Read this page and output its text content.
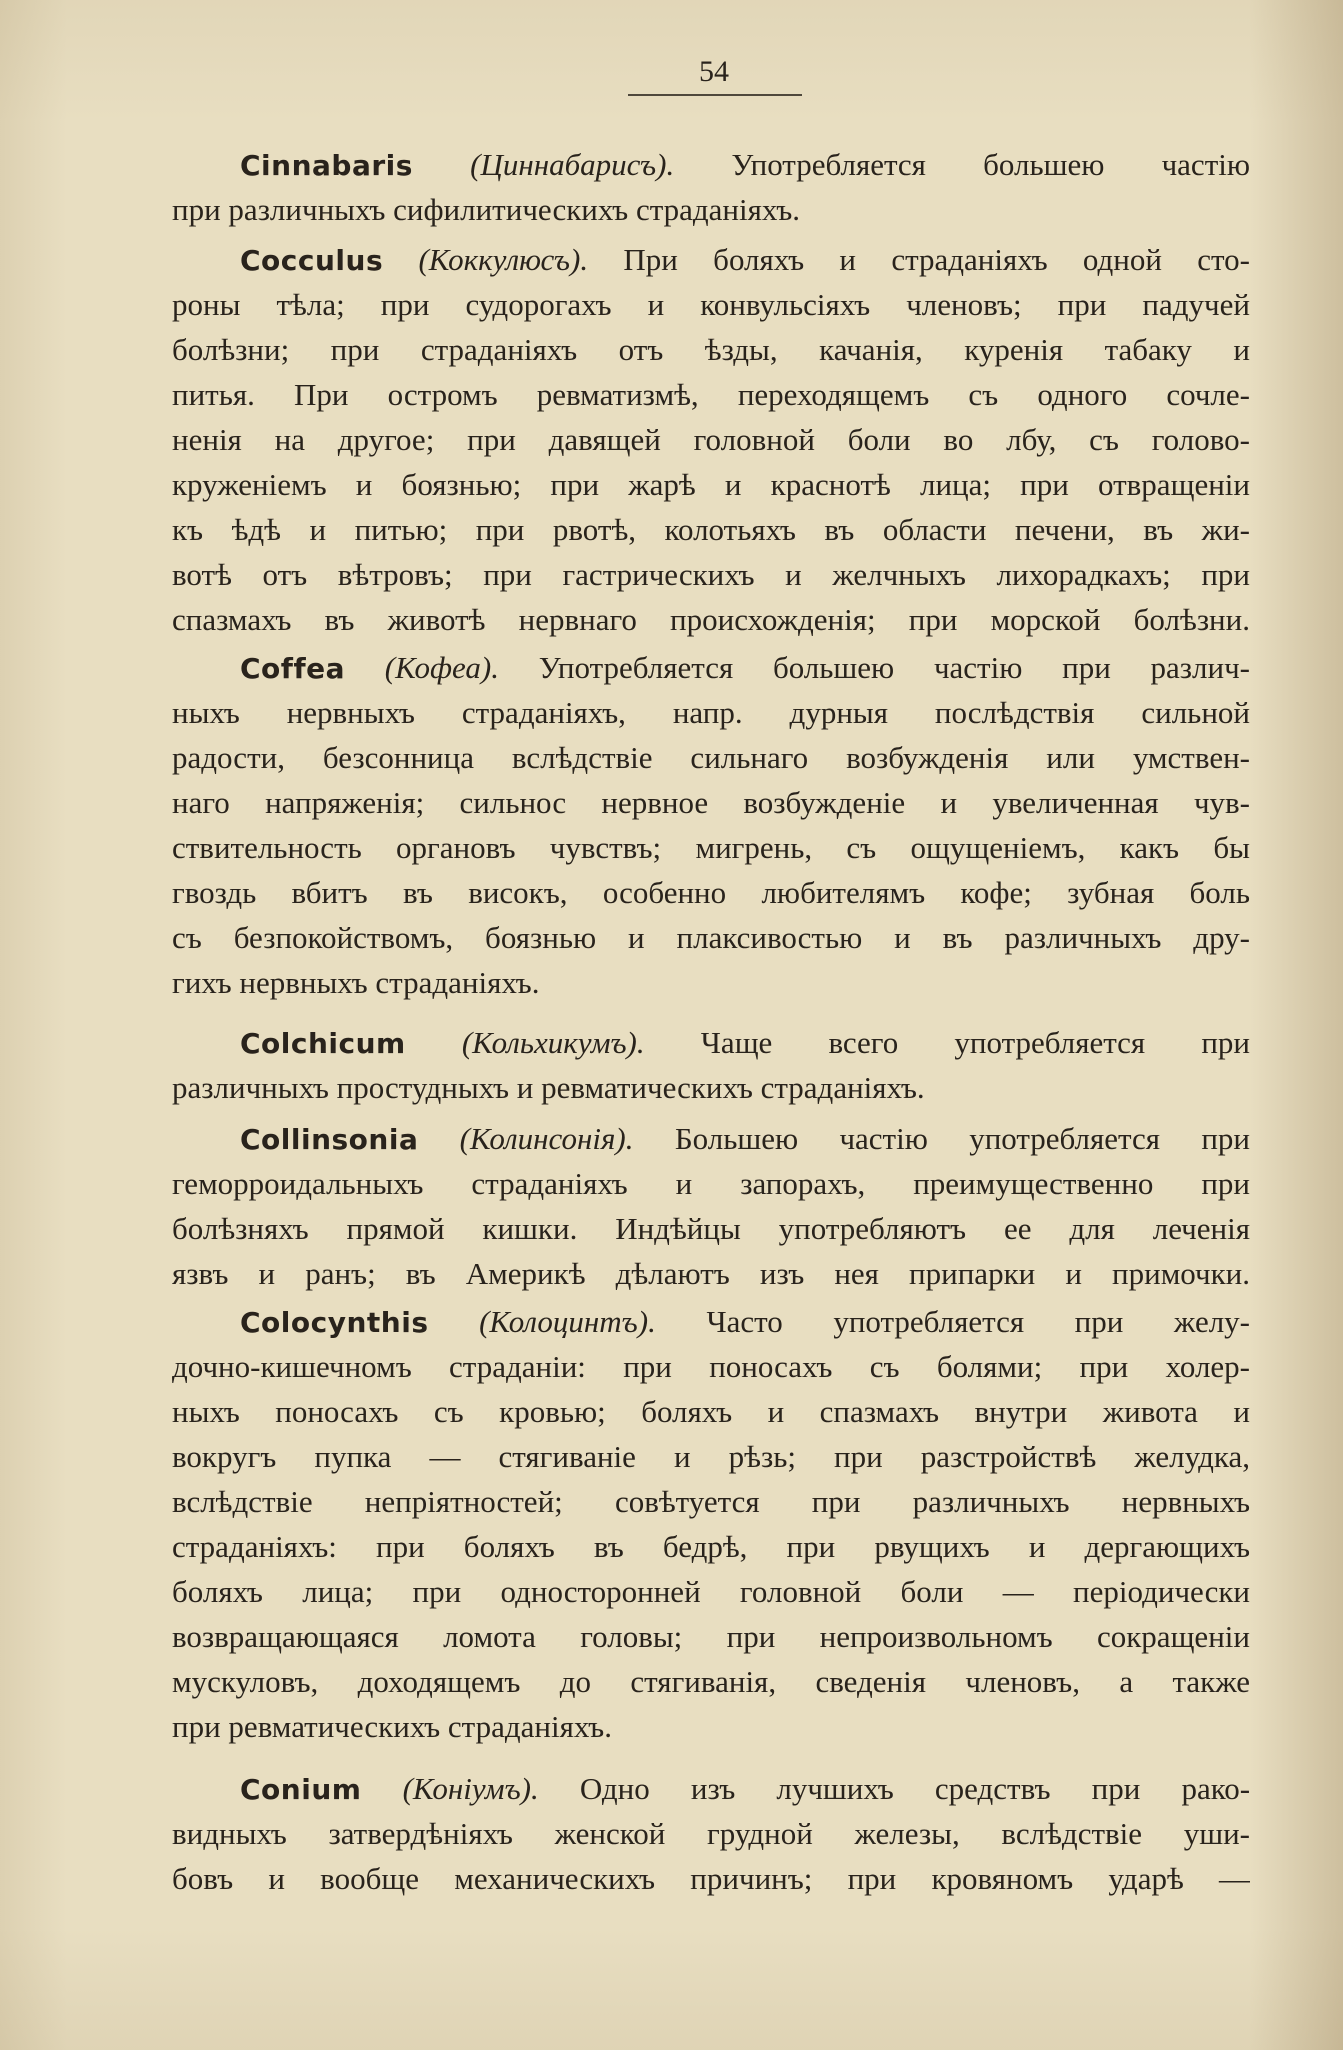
54
Cinnabaris (Циннабарисъ). Употребляется большею частію
при различныхъ сифилитическихъ страданіяхъ.
Cocculus (Коккулюсъ). При боляхъ и страданіяхъ одной сто-
роны тѣла; при судорогахъ и конвульсіяхъ членовъ; при падучей
болѣзни; при страданіяхъ отъ ѣзды, качанія, куренія табаку и
питья. При остромъ ревматизмѣ, переходящемъ съ одного сочле-
ненія на другое; при давящей головной боли во лбу, съ голово-
круженіемъ и боязнью; при жарѣ и краснотѣ лица; при отвращеніи
къ ѣдѣ и питью; при рвотѣ, колотьяхъ въ области печени, въ жи-
вотѣ отъ вѣтровъ; при гастрическихъ и желчныхъ лихорадкахъ; при
спазмахъ въ животѣ нервнаго происхожденія; при морской болѣзни.
Coffea (Кофеа). Употребляется большею частію при различ-
ныхъ нервныхъ страданіяхъ, напр. дурныя послѣдствія сильной
радости, безсонница вслѣдствіе сильнаго возбужденія или умствен-
наго напряженія; сильнос нервное возбужденіе и увеличенная чув-
ствительность органовъ чувствъ; мигрень, съ ощущеніемъ, какъ бы
гвоздь вбитъ въ високъ, особенно любителямъ кофе; зубная боль
съ безпокойствомъ, боязнью и плаксивостью и въ различныхъ дру-
гихъ нервныхъ страданіяхъ.
Colchicum (Кольхикумъ). Чаще всего употребляется при
различныхъ простудныхъ и ревматическихъ страданіяхъ.
Collinsonia (Колинсонія). Большею частію употребляется при
геморроидальныхъ страданіяхъ и запорахъ, преимущественно при
болѣзняхъ прямой кишки. Индѣйцы употребляютъ ее для леченія
язвъ и ранъ; въ Америкѣ дѣлаютъ изъ нея припарки и примочки.
Colocynthis (Колоцинтъ). Часто употребляется при желу-
дочно-кишечномъ страданіи: при поносахъ съ болями; при холер-
ныхъ поносахъ съ кровью; боляхъ и спазмахъ внутри живота и
вокругъ пупка — стягиваніе и рѣзь; при разстройствѣ желудка,
вслѣдствіе непріятностей; совѣтуется при различныхъ нервныхъ
страданіяхъ: при боляхъ въ бедрѣ, при рвущихъ и дергающихъ
боляхъ лица; при односторонней головной боли — періодически
возвращающаяся ломота головы; при непроизвольномъ сокращеніи
мускуловъ, доходящемъ до стягиванія, сведенія членовъ, а также
при ревматическихъ страданіяхъ.
Conium (Коніумъ). Одно изъ лучшихъ средствъ при рако-
видныхъ затвердѣніяхъ женской грудной железы, вслѣдствіе уши-
бовъ и вообще механическихъ причинъ; при кровяномъ ударѣ —
